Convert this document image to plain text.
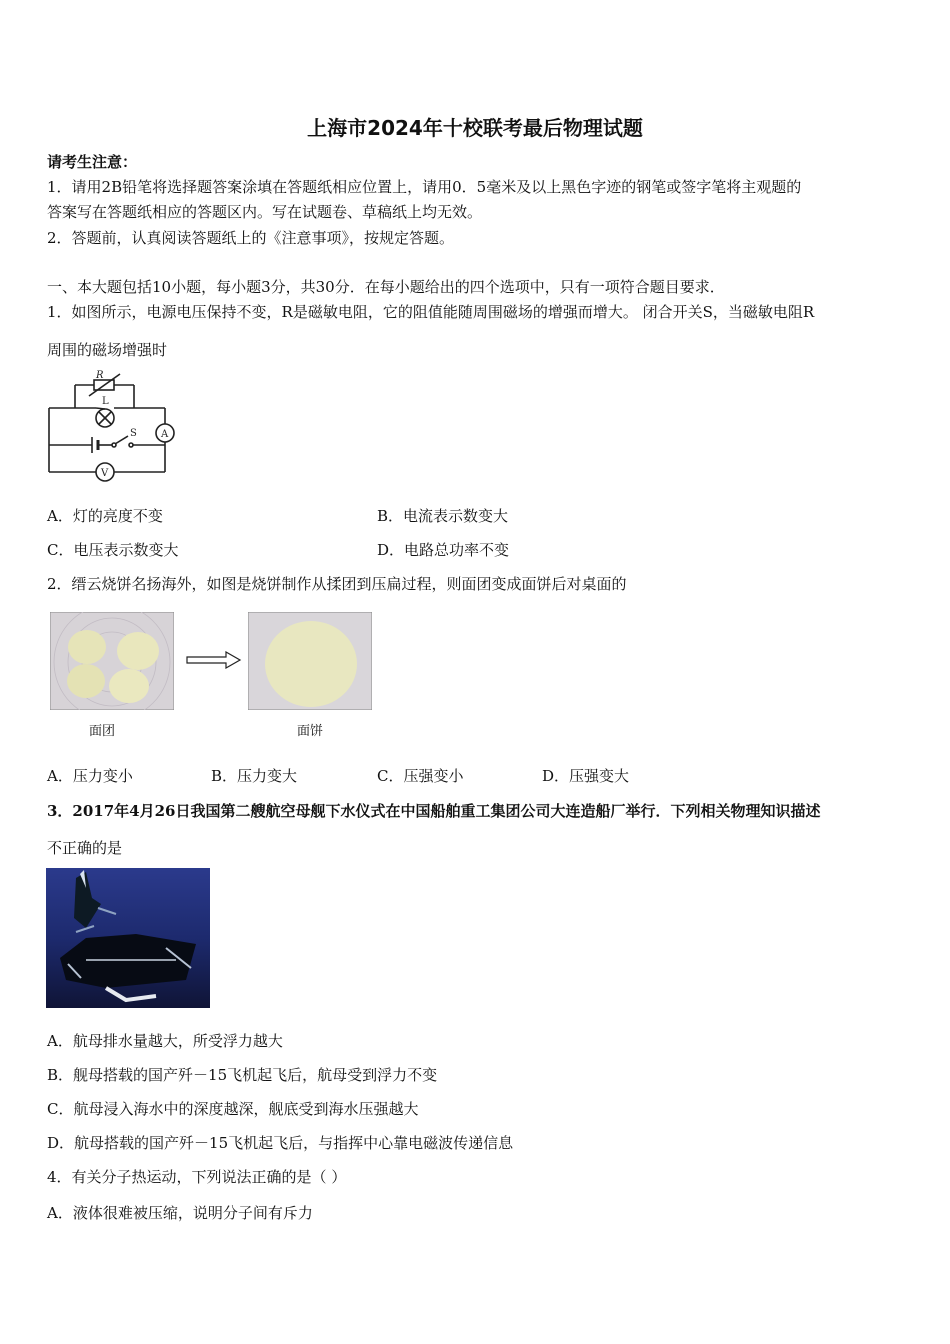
上海市2024年十校联考最后物理试题
请考生注意：
1．请用2B铅笔将选择题答案涂填在答题纸相应位置上，请用0．5毫米及以上黑色字迹的钢笔或签字笔将主观题的
答案写在答题纸相应的答题区内。写在试题卷、草稿纸上均无效。
2．答题前，认真阅读答题纸上的《注意事项》，按规定答题。
一、本大题包括10小题，每小题3分，共30分．在每小题给出的四个选项中，只有一项符合题目要求．
1．如图所示，电源电压保持不变，R是磁敏电阻，它的阻值能随周围磁场的增强而增大。 闭合开关S，当磁敏电阻R
周围的磁场增强时
R
L
A
S
V
A．灯的亮度不变	B．电流表示数变大
C．电压表示数变大	D．电路总功率不变
2．缙云烧饼名扬海外，如图是烧饼制作从揉团到压扁过程，则面团变成面饼后对桌面的
面团	面饼
A．压力变小	B．压力变大	C．压强变小	D．压强变大
3．2017年4月26日我国第二艘航空母舰下水仪式在中国船舶重工集团公司大连造船厂举行．下列相关物理知识描述
不正确的是
A．航母排水量越大，所受浮力越大
B．舰母搭载的国产歼－15飞机起飞后，航母受到浮力不变
C．航母浸入海水中的深度越深，舰底受到海水压强越大
D．航母搭载的国产歼－15飞机起飞后，与指挥中心靠电磁波传递信息
4．有关分子热运动，下列说法正确的是（ ）
A．液体很难被压缩，说明分子间有斥力
